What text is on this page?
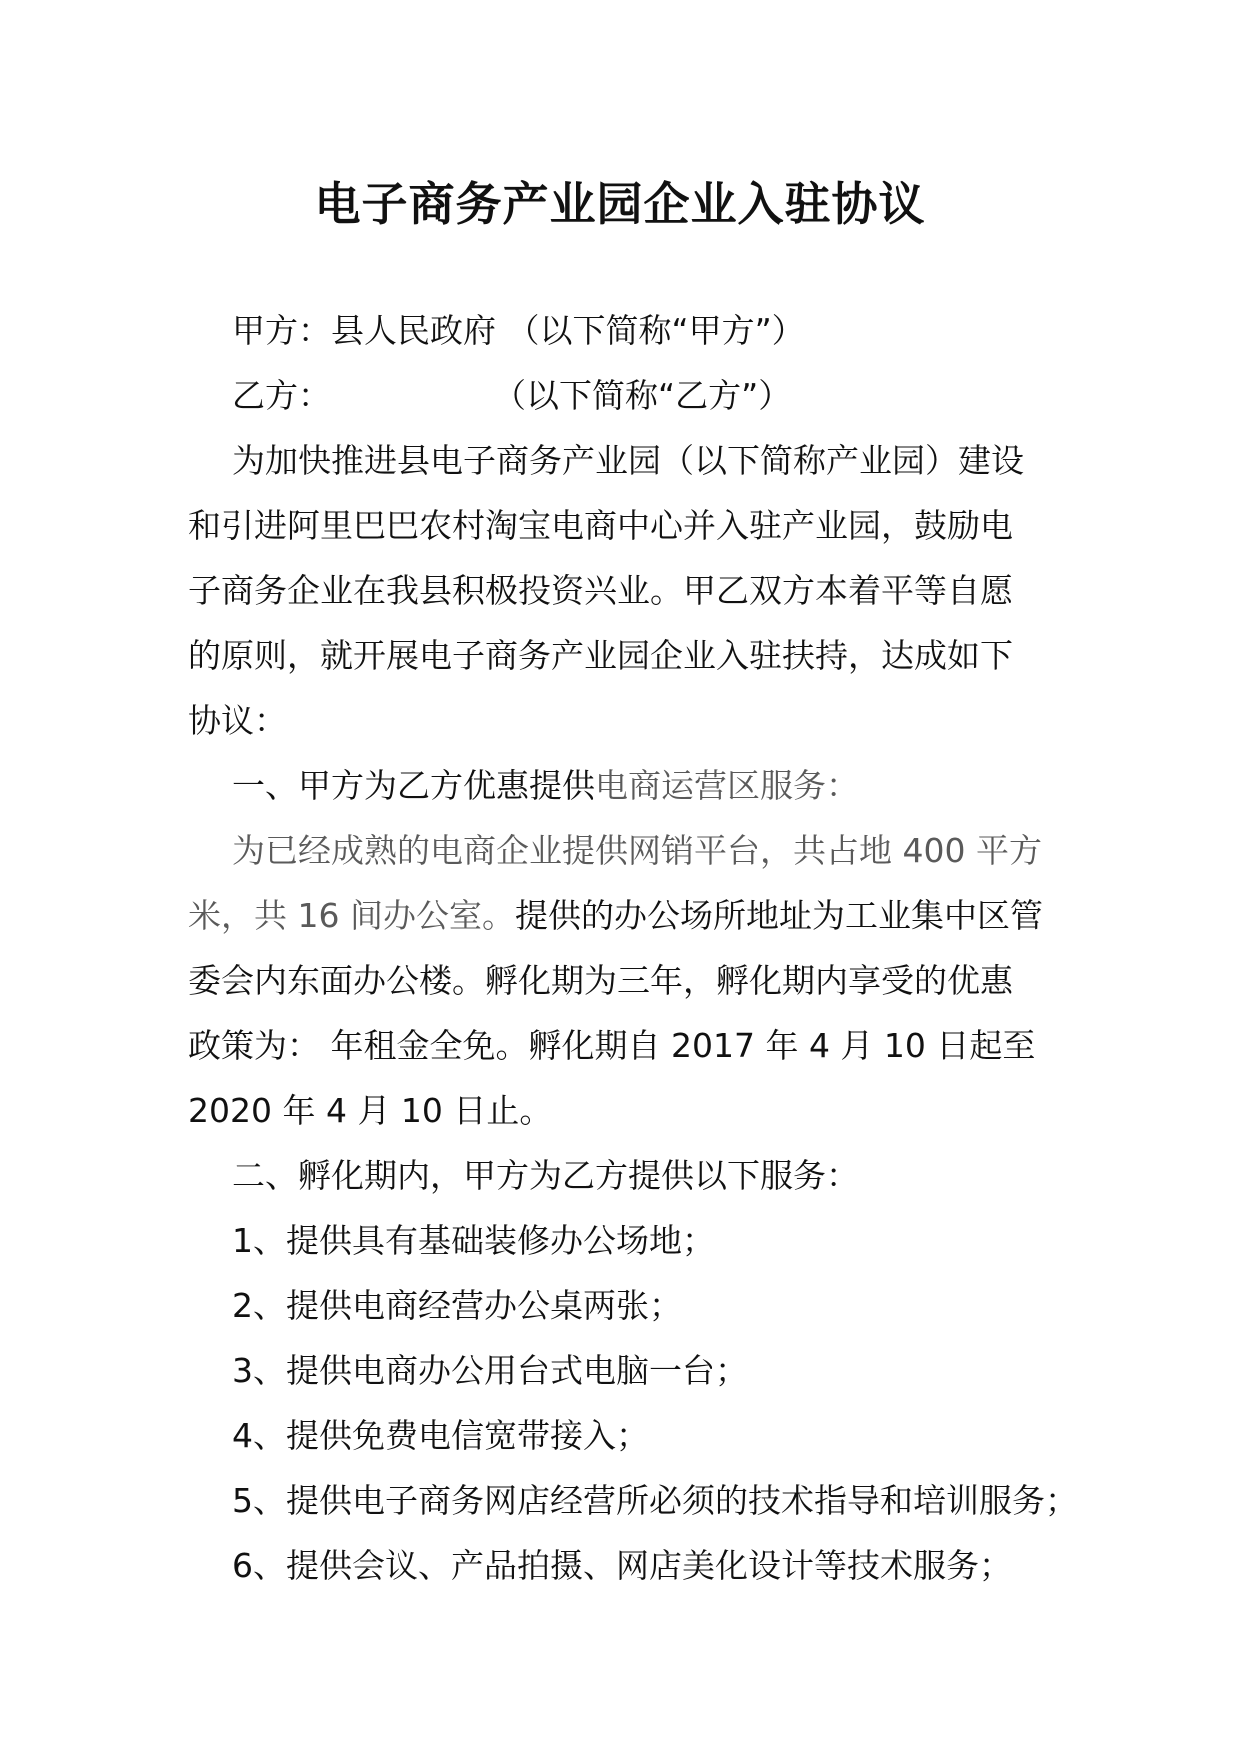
电子商务产业园企业入驻协议
甲方：县人民政府 （以下简称“甲方”）
乙方：	（以下简称“乙方”）
为加快推进县电子商务产业园（以下简称产业园）建设
和引进阿里巴巴农村淘宝电商中心并入驻产业园，鼓励电
子商务企业在我县积极投资兴业。甲乙双方本着平等自愿
的原则，就开展电子商务产业园企业入驻扶持，达成如下
协议：
一、甲方为乙方优惠提供电商运营区服务：
为已经成熟的电商企业提供网销平台，共占地 400 平方
米，共 16 间办公室。提供的办公场所地址为工业集中区管
委会内东面办公楼。孵化期为三年，孵化期内享受的优惠
政策为： 年租金全免。孵化期自 2017 年 4 月 10 日起至
2020 年 4 月 10 日止。
二、孵化期内，甲方为乙方提供以下服务：
1、提供具有基础装修办公场地；
2、提供电商经营办公桌两张；
3、提供电商办公用台式电脑一台；
4、提供免费电信宽带接入；
5、提供电子商务网店经营所必须的技术指导和培训服务；
6、提供会议、产品拍摄、网店美化设计等技术服务；
